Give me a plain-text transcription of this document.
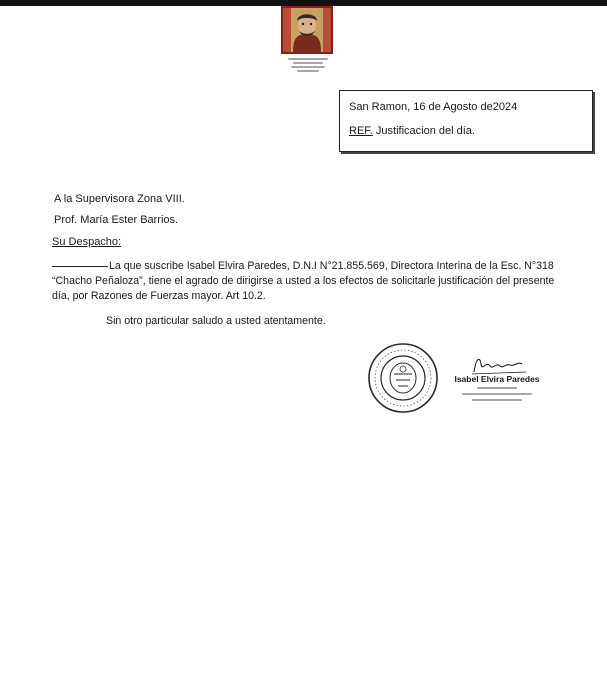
San Ramon, 16 de Agosto de2024
REF. Justificacion del día.
A la Supervisora Zona VIII.
Prof. María Ester Barrios.
Su Despacho:
La que suscribe Isabel Elvira Paredes, D.N.I N°21.855.569, Directora Interina de la Esc. N°318 “Chacho Peñaloza”, tiene el agrado de dirigirse a usted a los efectos de solicitarle justificación del presente día, por Razones de Fuerzas mayor. Art 10.2.
Sin otro particular saludo a usted atentamente.
Isabel Elvira Paredes
